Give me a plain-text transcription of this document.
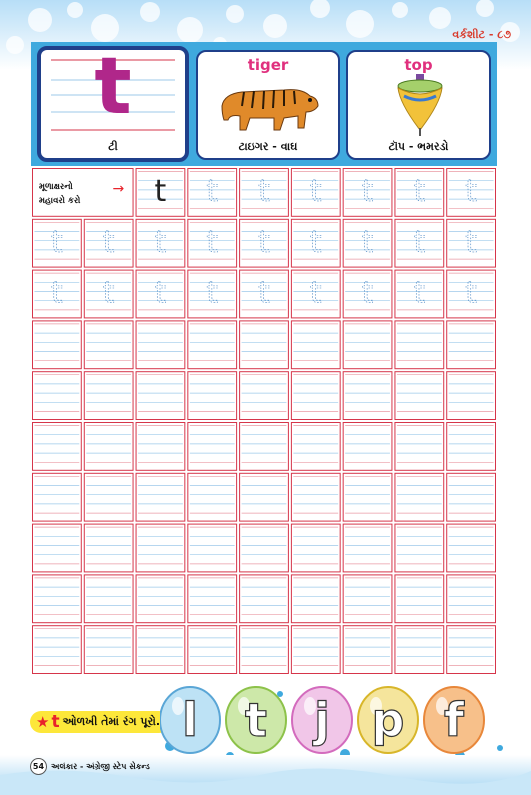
વર્કશીટ - ૮૭
t
ટી
tiger
ટાઇગર - વાઘ
top
ટૉપ - ભમરડો
t t t t t t t
t t t t t t t t t
t t t t t t t t t
મૂળાક્ષરનો
મહાવરો કરો
→
★ t ઓળખી તેમાં રંગ પૂરો. l t j p f
54 અલંકાર - અંગ્રેજી સ્ટેપ સેકન્ડ
